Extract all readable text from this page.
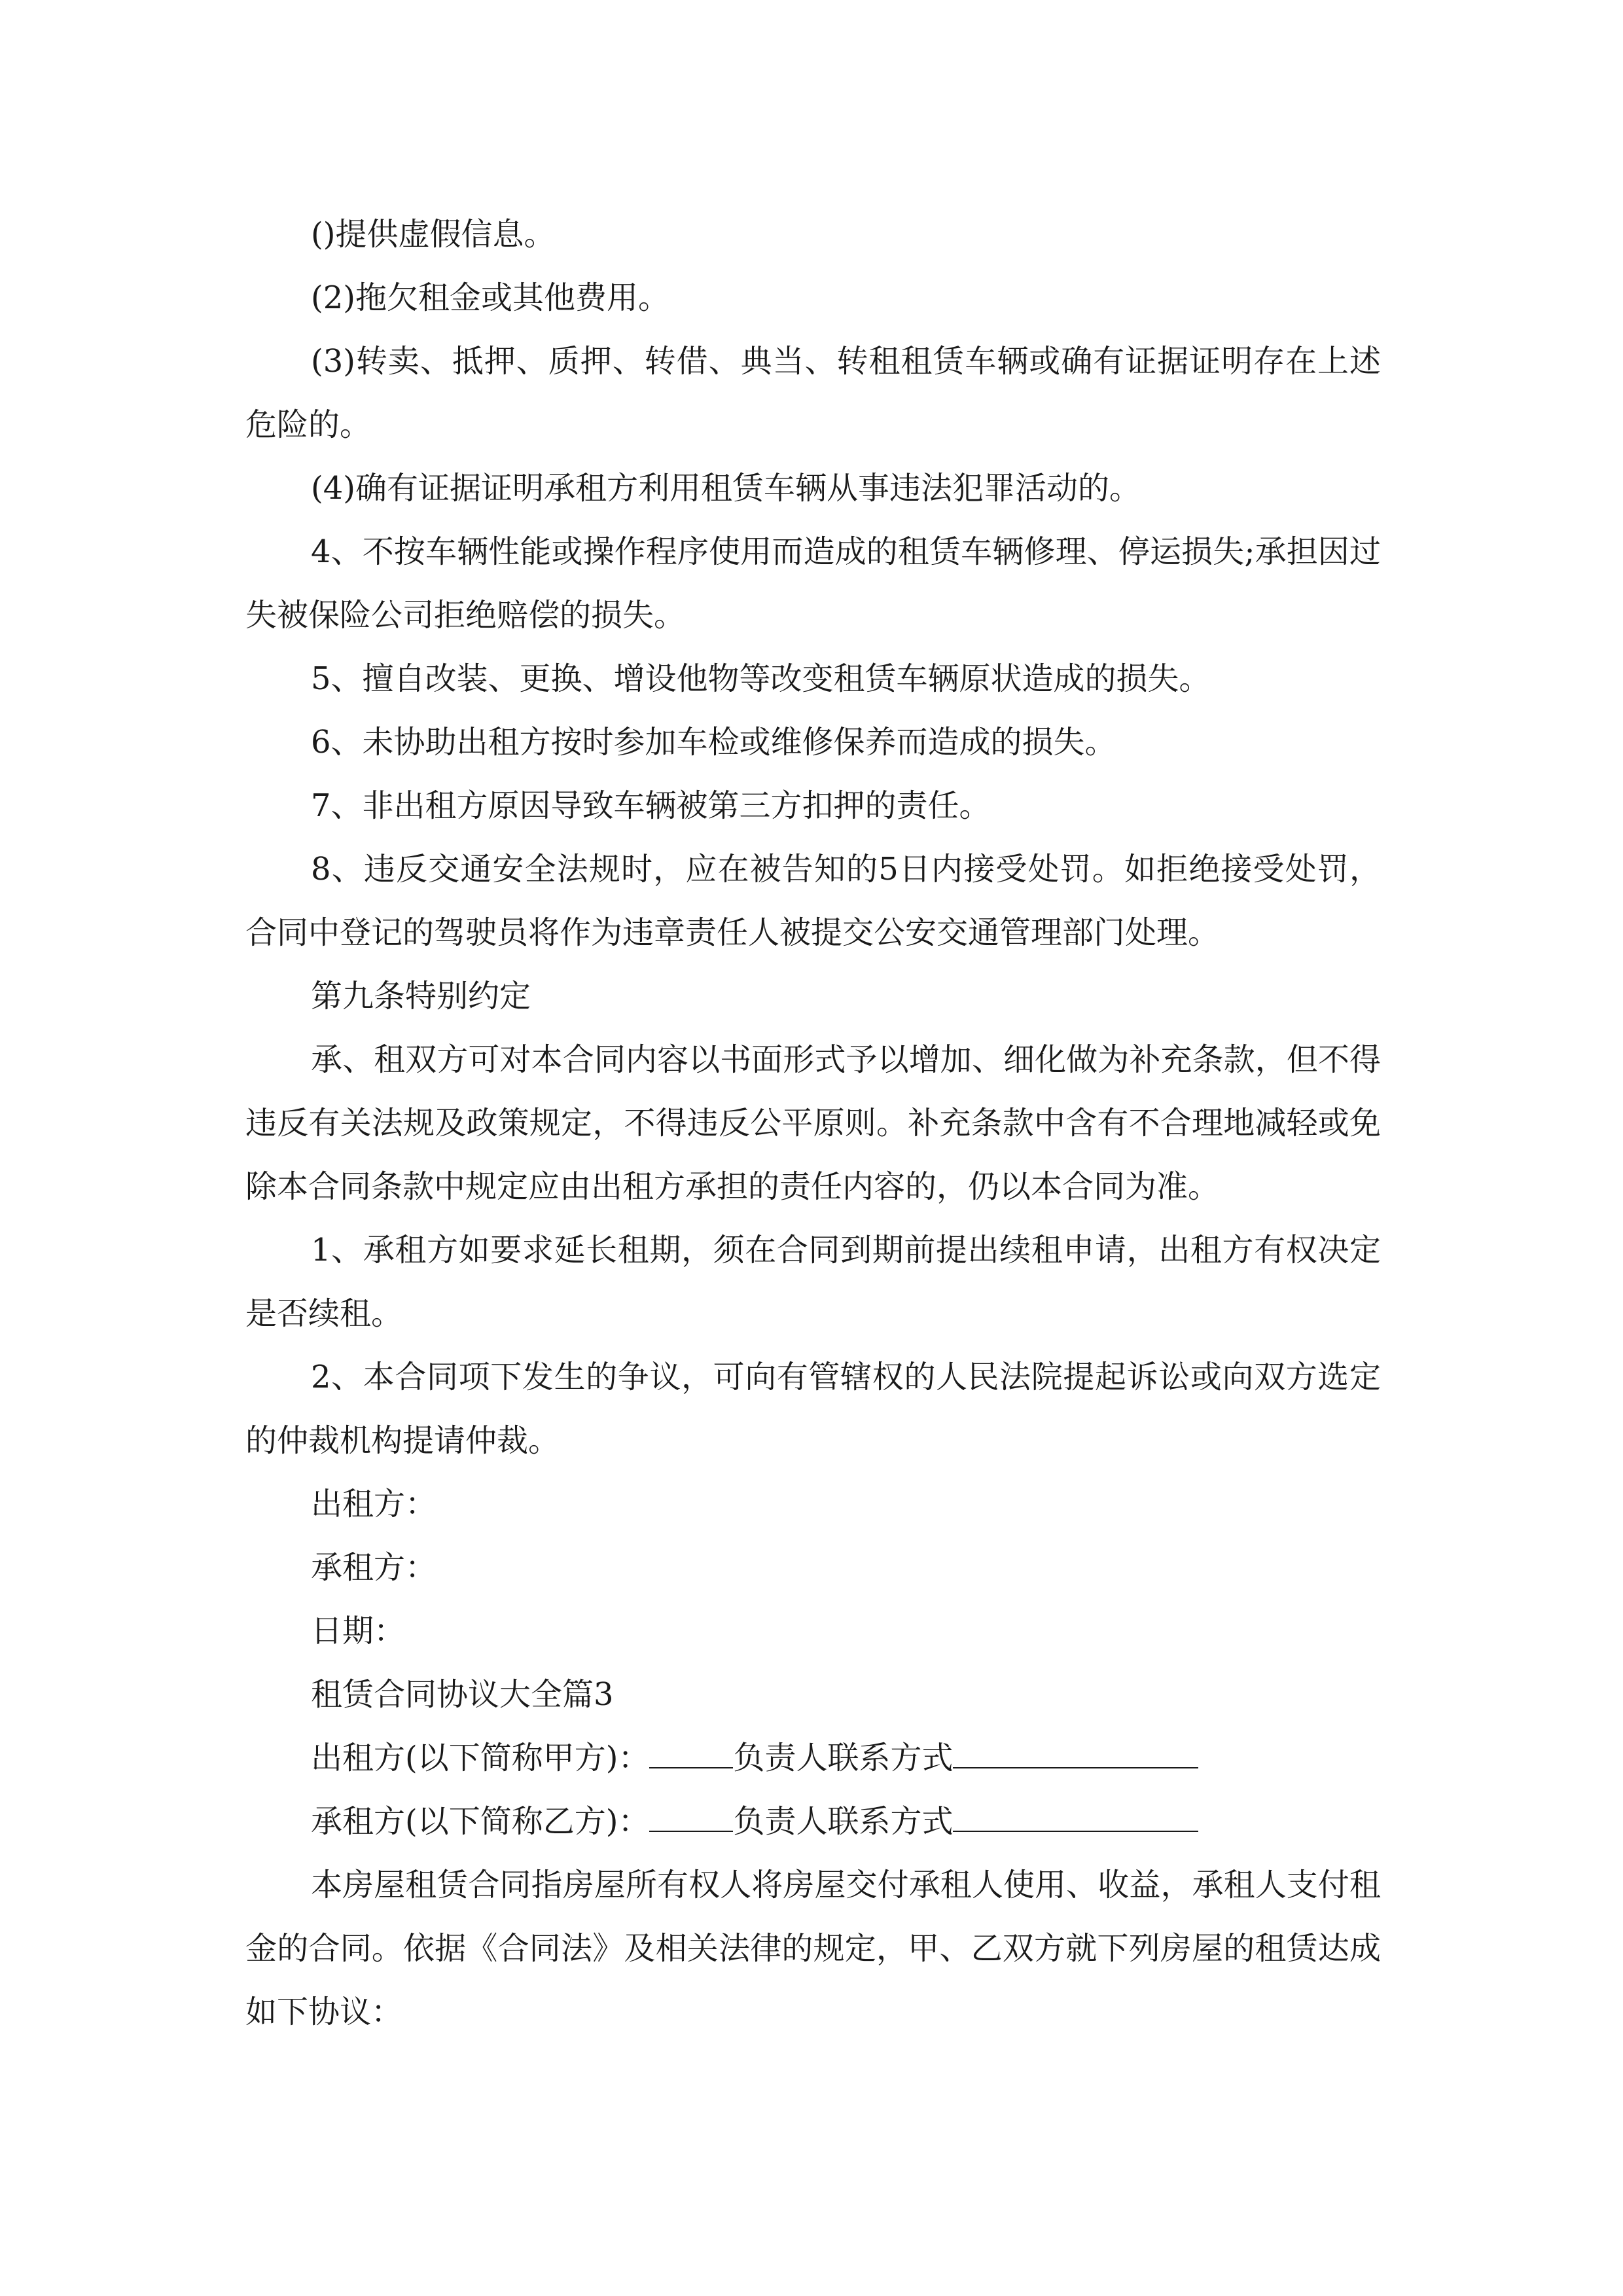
()提供虚假信息。

(2)拖欠租金或其他费用。

(3)转卖、抵押、质押、转借、典当、转租租赁车辆或确有证据证明存在上述危险的。

(4)确有证据证明承租方利用租赁车辆从事违法犯罪活动的。

4、不按车辆性能或操作程序使用而造成的租赁车辆修理、停运损失;承担因过失被保险公司拒绝赔偿的损失。

5、擅自改装、更换、增设他物等改变租赁车辆原状造成的损失。

6、未协助出租方按时参加车检或维修保养而造成的损失。

7、非出租方原因导致车辆被第三方扣押的责任。

8、违反交通安全法规时，应在被告知的5日内接受处罚。如拒绝接受处罚，合同中登记的驾驶员将作为违章责任人被提交公安交通管理部门处理。

第九条特别约定

承、租双方可对本合同内容以书面形式予以增加、细化做为补充条款，但不得违反有关法规及政策规定，不得违反公平原则。补充条款中含有不合理地减轻或免除本合同条款中规定应由出租方承担的责任内容的，仍以本合同为准。

1、承租方如要求延长租期，须在合同到期前提出续租申请，出租方有权决定是否续租。

2、本合同项下发生的争议，可向有管辖权的人民法院提起诉讼或向双方选定的仲裁机构提请仲裁。

出租方：

承租方：

日期：

租赁合同协议大全篇3

出租方(以下简称甲方)：	负责人联系方式

承租方(以下简称乙方)：	负责人联系方式

本房屋租赁合同指房屋所有权人将房屋交付承租人使用、收益，承租人支付租金的合同。依据《合同法》及相关法律的规定，甲、乙双方就下列房屋的租赁达成如下协议：
